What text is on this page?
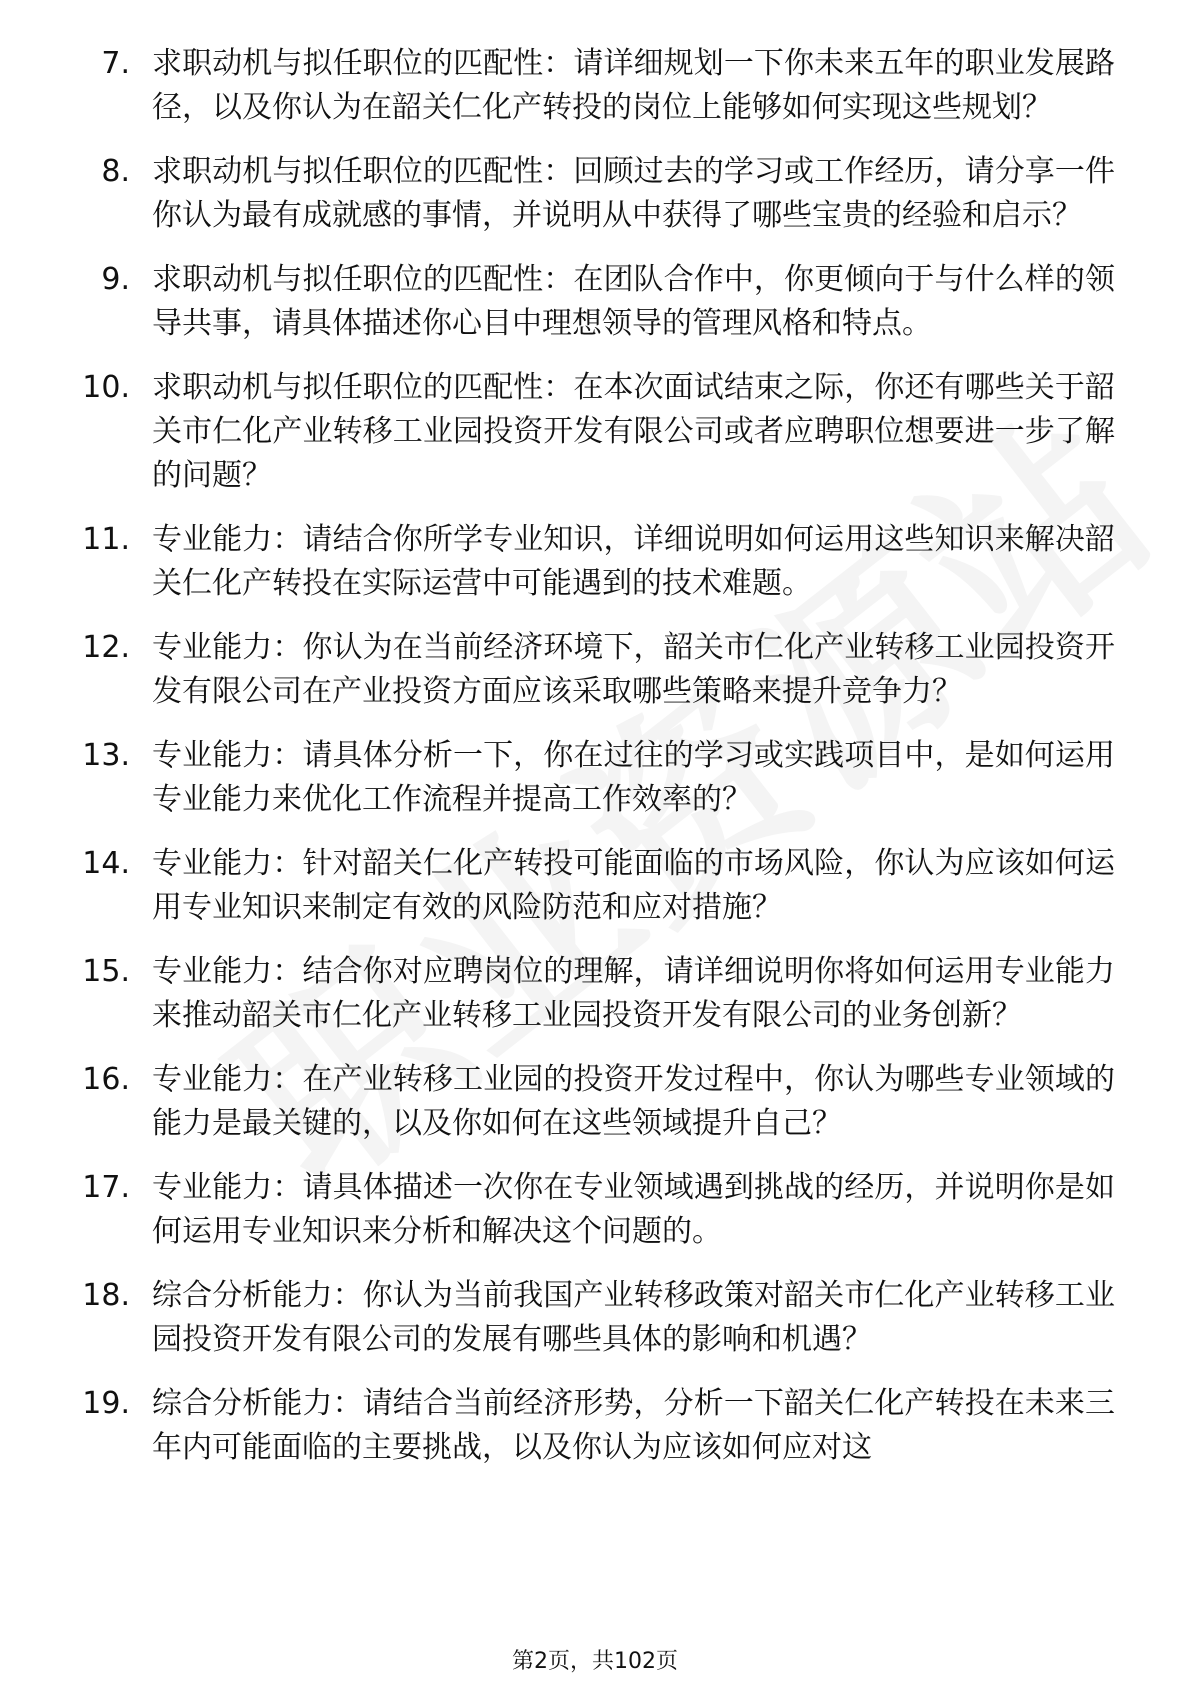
7. 求职动机与拟任职位的匹配性：请详细规划一下你未来五年的职业发展路径，以及你认为在韶关仁化产转投的岗位上能够如何实现这些规划？
8. 求职动机与拟任职位的匹配性：回顾过去的学习或工作经历，请分享一件你认为最有成就感的事情，并说明从中获得了哪些宝贵的经验和启示？
9. 求职动机与拟任职位的匹配性：在团队合作中，你更倾向于与什么样的领导共事，请具体描述你心目中理想领导的管理风格和特点。
10. 求职动机与拟任职位的匹配性：在本次面试结束之际，你还有哪些关于韶关市仁化产业转移工业园投资开发有限公司或者应聘职位想要进一步了解的问题？
11. 专业能力：请结合你所学专业知识，详细说明如何运用这些知识来解决韶关仁化产转投在实际运营中可能遇到的技术难题。
12. 专业能力：你认为在当前经济环境下，韶关市仁化产业转移工业园投资开发有限公司在产业投资方面应该采取哪些策略来提升竞争力？
13. 专业能力：请具体分析一下，你在过往的学习或实践项目中，是如何运用专业能力来优化工作流程并提高工作效率的？
14. 专业能力：针对韶关仁化产转投可能面临的市场风险，你认为应该如何运用专业知识来制定有效的风险防范和应对措施？
15. 专业能力：结合你对应聘岗位的理解，请详细说明你将如何运用专业能力来推动韶关市仁化产业转移工业园投资开发有限公司的业务创新？
16. 专业能力：在产业转移工业园的投资开发过程中，你认为哪些专业领域的能力是最关键的，以及你如何在这些领域提升自己？
17. 专业能力：请具体描述一次你在专业领域遇到挑战的经历，并说明你是如何运用专业知识来分析和解决这个问题的。
18. 综合分析能力：你认为当前我国产业转移政策对韶关市仁化产业转移工业园投资开发有限公司的发展有哪些具体的影响和机遇？
19. 综合分析能力：请结合当前经济形势，分析一下韶关仁化产转投在未来三年内可能面临的主要挑战，以及你认为应该如何应对这
第2页，共102页
